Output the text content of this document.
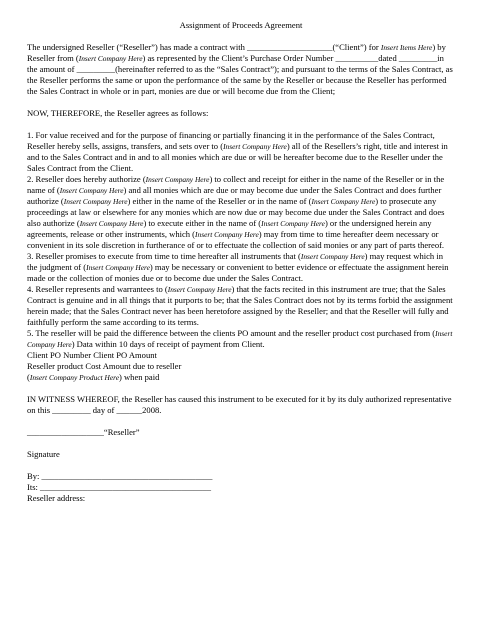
Assignment of Proceeds Agreement

The undersigned Reseller (“Reseller”) has made a contract with ____________________(“Client”) for Insert Items Here) by Reseller from (Insert Company Here) as represented by the Client’s Purchase Order Number __________dated _________in the amount of _________(hereinafter referred to as the “Sales Contract”); and pursuant to the terms of the Sales Contract, as the Reseller performs the same or upon the performance of the same by the Reseller or because the Reseller has performed the Sales Contract in whole or in part, monies are due or will become due from the Client;

NOW, THEREFORE, the Reseller agrees as follows:

1. For value received and for the purpose of financing or partially financing it in the performance of the Sales Contract, Reseller hereby sells, assigns, transfers, and sets over to (Insert Company Here) all of the Resellers’s right, title and interest in and to the Sales Contract and in and to all monies which are due or will be hereafter become due to the Reseller under the Sales Contract from the Client.

2. Reseller does hereby authorize (Insert Company Here) to collect and receipt for either in the name of the Reseller or in the name of (Insert Company Here) and all monies which are due or may become due under the Sales Contract and does further authorize (Insert Company Here) either in the name of the Reseller or in the name of (Insert Company Here) to prosecute any proceedings at law or elsewhere for any monies which are now due or may become due under the Sales Contract and does also authorize (Insert Company Here) to execute either in the name of (Insert Company Here) or the undersigned herein any agreements, release or other instruments, which (Insert Company Here) may from time to time hereafter deem necessary or convenient in its sole discretion in furtherance of or to effectuate the collection of said monies or any part of parts thereof.

3. Reseller promises to execute from time to time hereafter all instruments that (Insert Company Here) may request which in the judgment of (Insert Company Here) may be necessary or convenient to better evidence or effectuate the assignment herein made or the collection of monies due or to become due under the Sales Contract.

4. Reseller represents and warrantees to (Insert Company Here) that the facts recited in this instrument are true; that the Sales Contract is genuine and in all things that it purports to be; that the Sales Contract does not by its terms forbid the assignment herein made; that the Sales Contract never has been heretofore assigned by the Reseller; and that the Reseller will fully and faithfully perform the same according to its terms.

5. The reseller will be paid the difference between the clients PO amount and the reseller product cost purchased from (Insert Company Here) Data within 10 days of receipt of payment from Client.

Client PO Number Client PO Amount

Reseller product Cost Amount due to reseller

(Insert Company Product Here) when paid

IN WITNESS WHEREOF, the Reseller has caused this instrument to be executed for it by its duly authorized representative on this _________ day of ______2008.

__________________“Reseller”

Signature

By: ________________________________________

Its: ________________________________________

Reseller address:
